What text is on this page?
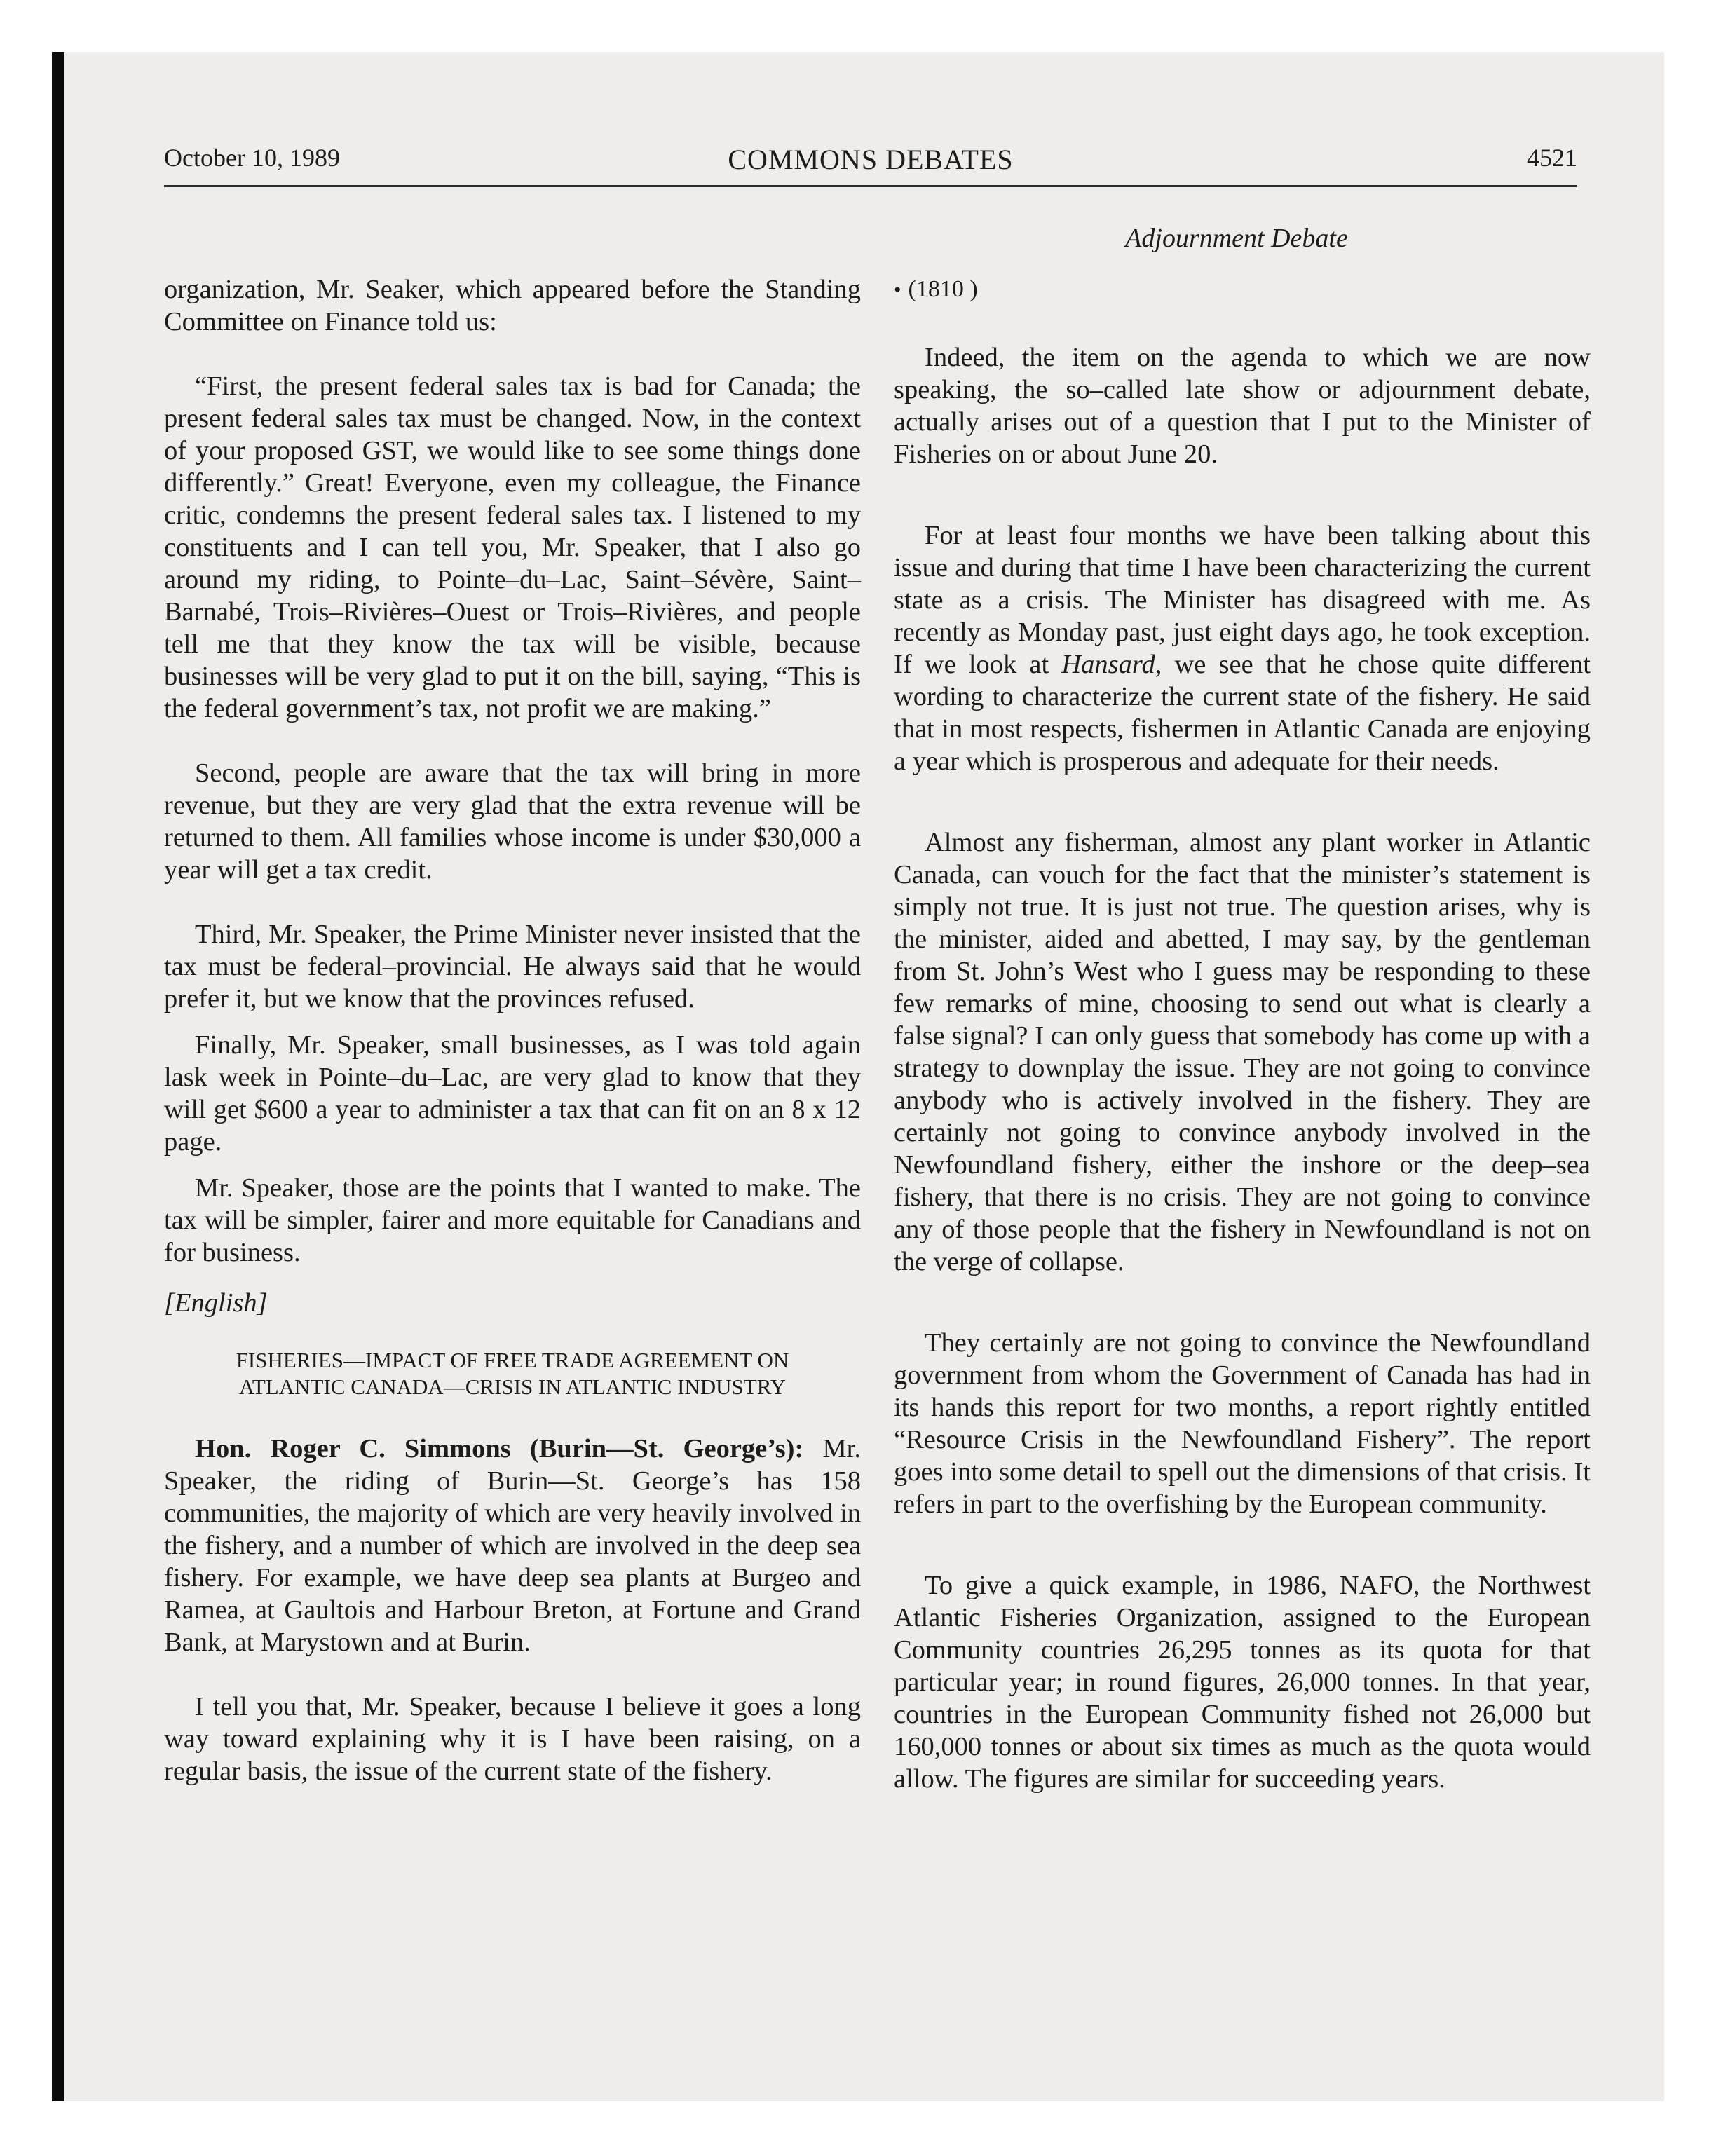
October 10, 1989	COMMONS DEBATES	4521
Adjournment Debate

organization, Mr. Seaker, which appeared before the Standing Committee on Finance told us:

“First, the present federal sales tax is bad for Canada; the present federal sales tax must be changed. Now, in the context of your proposed GST, we would like to see some things done differently.” Great! Everyone, even my colleague, the Finance critic, condemns the present federal sales tax. I listened to my constituents and I can tell you, Mr. Speaker, that I also go around my riding, to Pointe–du–Lac, Saint–Sévère, Saint–Barnabé, Trois–Rivières–Ouest or Trois–Rivières, and people tell me that they know the tax will be visible, because businesses will be very glad to put it on the bill, saying, “This is the federal government’s tax, not profit we are making.”

Second, people are aware that the tax will bring in more revenue, but they are very glad that the extra revenue will be returned to them. All families whose income is under $30,000 a year will get a tax credit.

Third, Mr. Speaker, the Prime Minister never insisted that the tax must be federal–provincial. He always said that he would prefer it, but we know that the provinces refused.

Finally, Mr. Speaker, small businesses, as I was told again lask week in Pointe–du–Lac, are very glad to know that they will get $600 a year to administer a tax that can fit on an 8 x 12 page.

Mr. Speaker, those are the points that I wanted to make. The tax will be simpler, fairer and more equitable for Canadians and for business.

[English]

FISHERIES—IMPACT OF FREE TRADE AGREEMENT ON
ATLANTIC CANADA—CRISIS IN ATLANTIC INDUSTRY

Hon. Roger C. Simmons (Burin—St. George’s): Mr. Speaker, the riding of Burin—St. George’s has 158 communities, the majority of which are very heavily involved in the fishery, and a number of which are involved in the deep sea fishery. For example, we have deep sea plants at Burgeo and Ramea, at Gaultois and Harbour Breton, at Fortune and Grand Bank, at Marystown and at Burin.

I tell you that, Mr. Speaker, because I believe it goes a long way toward explaining why it is I have been raising, on a regular basis, the issue of the current state of the fishery.

• (1810 )

Indeed, the item on the agenda to which we are now speaking, the so–called late show or adjournment debate, actually arises out of a question that I put to the Minister of Fisheries on or about June 20.

For at least four months we have been talking about this issue and during that time I have been characterizing the current state as a crisis. The Minister has disagreed with me. As recently as Monday past, just eight days ago, he took exception. If we look at Hansard, we see that he chose quite different wording to characterize the current state of the fishery. He said that in most respects, fishermen in Atlantic Canada are enjoying a year which is prosperous and adequate for their needs.

Almost any fisherman, almost any plant worker in Atlantic Canada, can vouch for the fact that the minister’s statement is simply not true. It is just not true. The question arises, why is the minister, aided and abetted, I may say, by the gentleman from St. John’s West who I guess may be responding to these few remarks of mine, choosing to send out what is clearly a false signal? I can only guess that somebody has come up with a strategy to downplay the issue. They are not going to convince anybody who is actively involved in the fishery. They are certainly not going to convince anybody involved in the Newfoundland fishery, either the inshore or the deep–sea fishery, that there is no crisis. They are not going to convince any of those people that the fishery in Newfoundland is not on the verge of collapse.

They certainly are not going to convince the Newfoundland government from whom the Government of Canada has had in its hands this report for two months, a report rightly entitled “Resource Crisis in the Newfoundland Fishery”. The report goes into some detail to spell out the dimensions of that crisis. It refers in part to the overfishing by the European community.

To give a quick example, in 1986, NAFO, the Northwest Atlantic Fisheries Organization, assigned to the European Community countries 26,295 tonnes as its quota for that particular year; in round figures, 26,000 tonnes. In that year, countries in the European Community fished not 26,000 but 160,000 tonnes or about six times as much as the quota would allow. The figures are similar for succeeding years.
